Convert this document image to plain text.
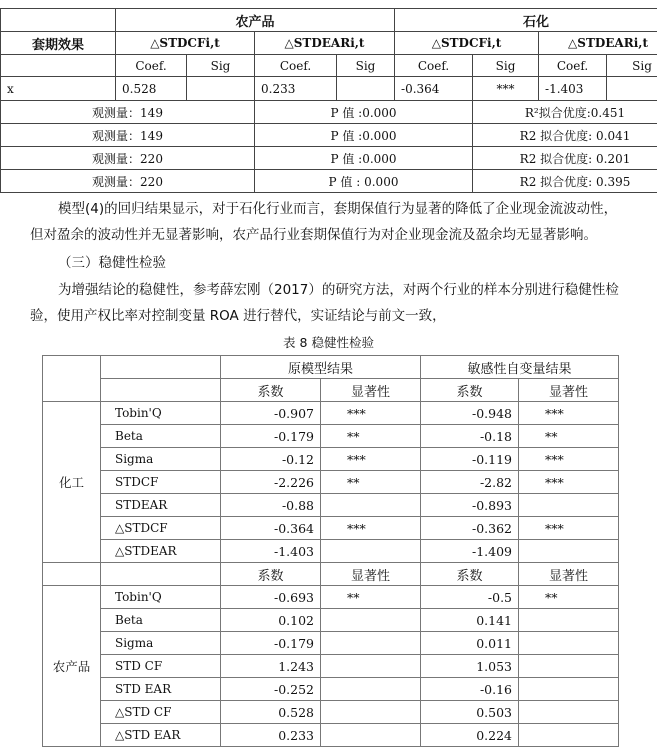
	农产品				石化			
套期效果	△STDCFi,t		△STDEARi,t		△STDCFi,t		△STDEARi,t	
	Coef.	Sig	Coef.	Sig	Coef.	Sig	Coef.	Sig
x	0.528		0.233		-0.364	***	-1.403	
观测量：149			P 值 :0.000			R²拟合优度:0.451		
观测量：149			P 值 :0.000			R2 拟合优度: 0.041		
观测量：220			P 值 :0.000			R2 拟合优度: 0.201		
观测量：220			P 值 : 0.000			R2 拟合优度: 0.395		
模型(4)的回归结果显示，对于石化行业而言，套期保值行为显著的降低了企业现金流波动性，
但对盈余的波动性并无显著影响，农产品行业套期保值行为对企业现金流及盈余均无显著影响。
（三）稳健性检验
为增强结论的稳健性，参考薛宏刚（2017）的研究方法，对两个行业的样本分别进行稳健性检
验，使用产权比率对控制变量 ROA 进行替代，实证结论与前文一致，
表 8 稳健性检验
		原模型结果		敏感性自变量结果	
		系数	显著性	系数	显著性
化工	Tobin'Q	-0.907	***	-0.948	***
	Beta	-0.179	**	-0.18	**
	Sigma	-0.12	***	-0.119	***
	STDCF	-2.226	**	-2.82	***
	STDEAR	-0.88		-0.893	
	△STDCF	-0.364	***	-0.362	***
	△STDEAR	-1.403		-1.409	
		系数	显著性	系数	显著性
农产品	Tobin'Q	-0.693	**	-0.5	**
	Beta	0.102		0.141	
	Sigma	-0.179		0.011	
	STD CF	1.243		1.053	
	STD EAR	-0.252		-0.16	
	△STD CF	0.528		0.503	
	△STD EAR	0.233		0.224	
